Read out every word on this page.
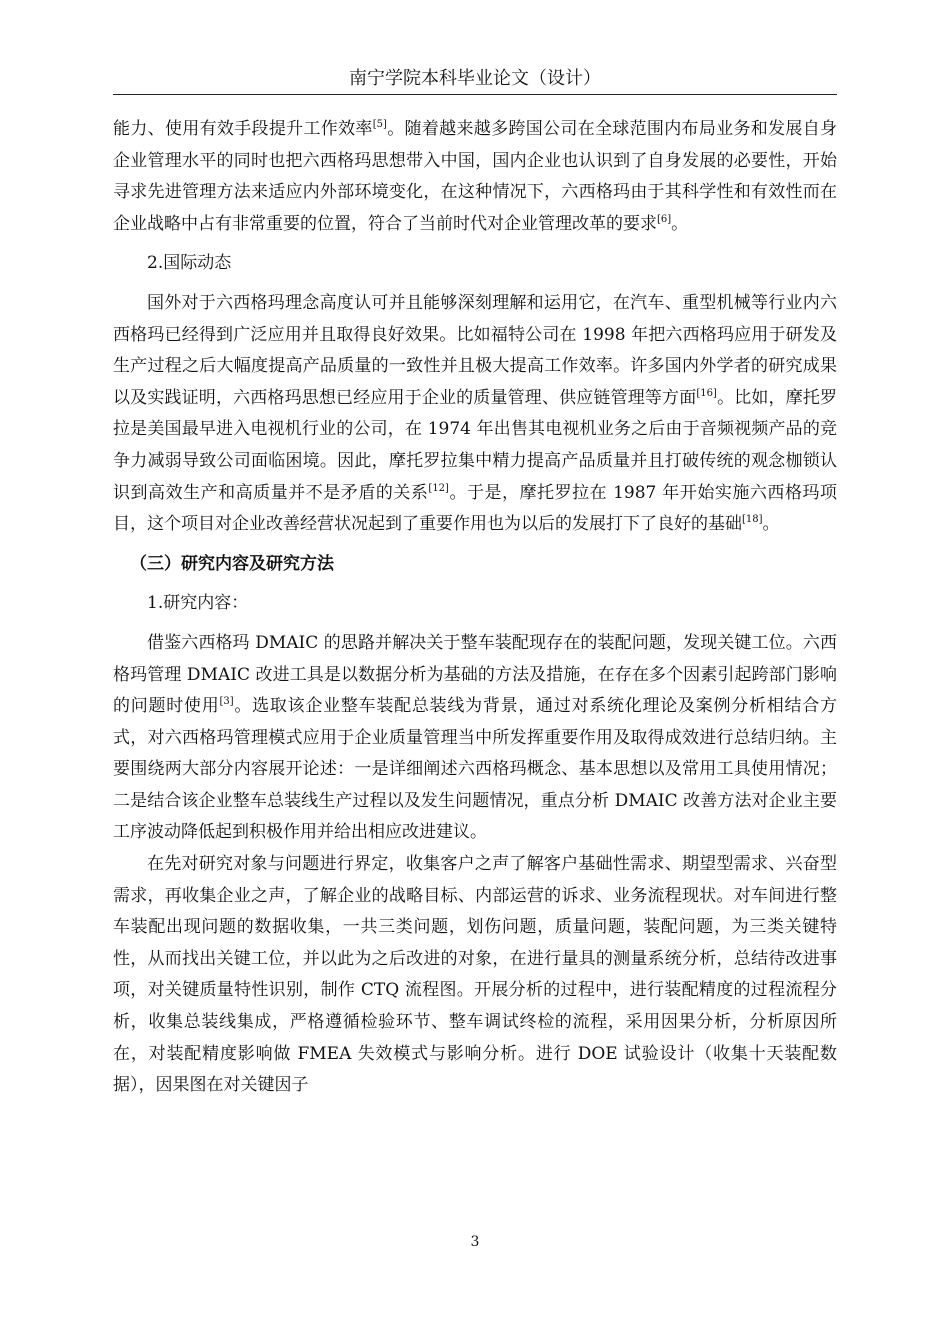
南宁学院本科毕业论文（设计）

能力、使用有效手段提升工作效率[5]。随着越来越多跨国公司在全球范围内布局业务和发展自身企业管理水平的同时也把六西格玛思想带入中国，国内企业也认识到了自身发展的必要性，开始寻求先进管理方法来适应内外部环境变化，在这种情况下，六西格玛由于其科学性和有效性而在企业战略中占有非常重要的位置，符合了当前时代对企业管理改革的要求[6]。

2.国际动态

国外对于六西格玛理念高度认可并且能够深刻理解和运用它，在汽车、重型机械等行业内六西格玛已经得到广泛应用并且取得良好效果。比如福特公司在 1998 年把六西格玛应用于研发及生产过程之后大幅度提高产品质量的一致性并且极大提高工作效率。许多国内外学者的研究成果以及实践证明，六西格玛思想已经应用于企业的质量管理、供应链管理等方面[16]。比如，摩托罗拉是美国最早进入电视机行业的公司，在 1974 年出售其电视机业务之后由于音频视频产品的竞争力减弱导致公司面临困境。因此，摩托罗拉集中精力提高产品质量并且打破传统的观念枷锁认识到高效生产和高质量并不是矛盾的关系[12]。于是，摩托罗拉在 1987 年开始实施六西格玛项目，这个项目对企业改善经营状况起到了重要作用也为以后的发展打下了良好的基础[18]。

（三）研究内容及研究方法

1.研究内容：

借鉴六西格玛 DMAIC 的思路并解决关于整车装配现存在的装配问题，发现关键工位。六西格玛管理 DMAIC 改进工具是以数据分析为基础的方法及措施，在存在多个因素引起跨部门影响的问题时使用[3]。选取该企业整车装配总装线为背景，通过对系统化理论及案例分析相结合方式，对六西格玛管理模式应用于企业质量管理当中所发挥重要作用及取得成效进行总结归纳。主要围绕两大部分内容展开论述：一是详细阐述六西格玛概念、基本思想以及常用工具使用情况；二是结合该企业整车总装线生产过程以及发生问题情况，重点分析 DMAIC 改善方法对企业主要工序波动降低起到积极作用并给出相应改进建议。

在先对研究对象与问题进行界定，收集客户之声了解客户基础性需求、期望型需求、兴奋型需求，再收集企业之声，了解企业的战略目标、内部运营的诉求、业务流程现状。对车间进行整车装配出现问题的数据收集，一共三类问题，划伤问题，质量问题，装配问题，为三类关键特性，从而找出关键工位，并以此为之后改进的对象，在进行量具的测量系统分析，总结待改进事项，对关键质量特性识别，制作 CTQ 流程图。开展分析的过程中，进行装配精度的过程流程分析，收集总装线集成，严格遵循检验环节、整车调试终检的流程，采用因果分析，分析原因所在，对装配精度影响做 FMEA 失效模式与影响分析。进行 DOE 试验设计（收集十天装配数据），因果图在对关键因子

3
